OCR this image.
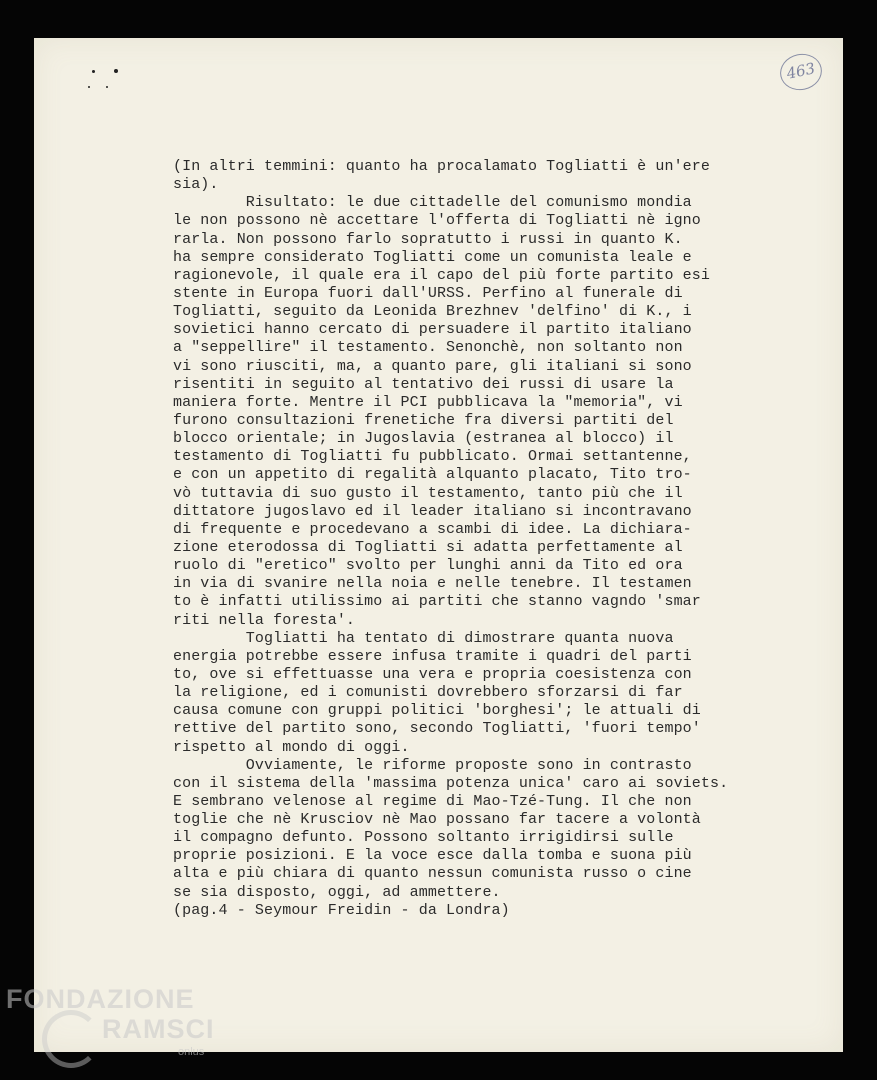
463
(In altri temmini: quanto ha procalamato Togliatti è un'ere
sia).
Risultato: le due cittadelle del comunismo mondia
le non possono nè accettare l'offerta di Togliatti nè igno
rarla. Non possono farlo sopratutto i russi in quanto K.
ha sempre considerato Togliatti come un comunista leale e
ragionevole, il quale era il capo del più forte partito esi
stente in Europa fuori dall'URSS. Perfino al funerale di
Togliatti, seguito da Leonida Brezhnev 'delfino' di K., i
sovietici hanno cercato di persuadere il partito italiano
a "seppellire" il testamento. Senonchè, non soltanto non
vi sono riusciti, ma, a quanto pare, gli italiani si sono
risentiti in seguito al tentativo dei russi di usare la
maniera forte. Mentre il PCI pubblicava la "memoria", vi
furono consultazioni frenetiche fra diversi partiti del
blocco orientale; in Jugoslavia (estranea al blocco) il
testamento di Togliatti fu pubblicato. Ormai settantenne,
e con un appetito di regalità alquanto placato, Tito tro-
vò tuttavia di suo gusto il testamento, tanto più che il
dittatore jugoslavo ed il leader italiano si incontravano
di frequente e procedevano a scambi di idee. La dichiara-
zione eterodossa di Togliatti si adatta perfettamente al
ruolo di "eretico" svolto per lunghi anni da Tito ed ora
in via di svanire nella noia e nelle tenebre. Il testamen
to è infatti utilissimo ai partiti che stanno vagndo 'smar
riti nella foresta'.
Togliatti ha tentato di dimostrare quanta nuova
energia potrebbe essere infusa tramite i quadri del parti
to, ove si effettuasse una vera e propria coesistenza con
la religione, ed i comunisti dovrebbero sforzarsi di far
causa comune con gruppi politici 'borghesi'; le attuali di
rettive del partito sono, secondo Togliatti, 'fuori tempo'
rispetto al mondo di oggi.
Ovviamente, le riforme proposte sono in contrasto
con il sistema della 'massima potenza unica' caro ai soviets.
E sembrano velenose al regime di Mao-Tzé-Tung. Il che non
toglie che nè Krusciov nè Mao possano far tacere a volontà
il compagno defunto. Possono soltanto irrigidirsi sulle
proprie posizioni. E la voce esce dalla tomba e suona più
alta e più chiara di quanto nessun comunista russo o cine
se sia disposto, oggi, ad ammettere.
(pag.4 - Seymour Freidin - da Londra)
FONDAZIONE
RAMSCI
onlus
